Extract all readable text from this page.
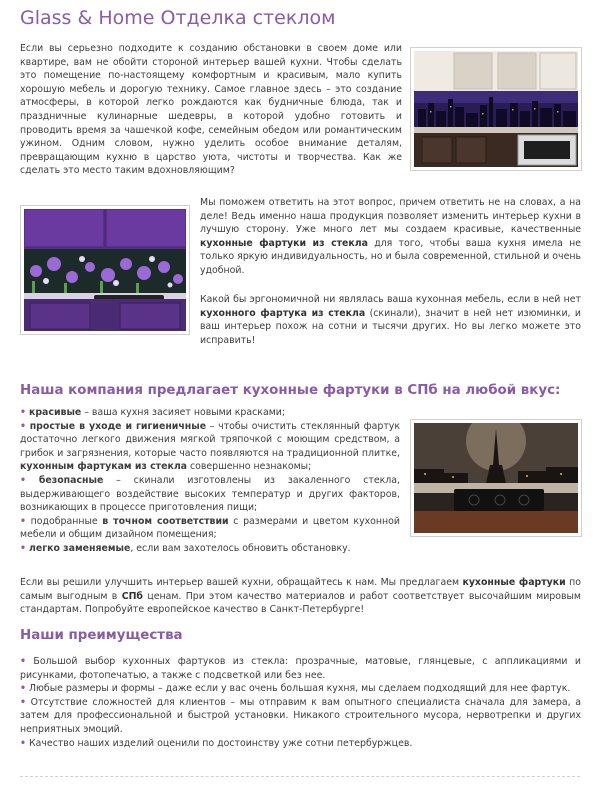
Glass & Home Отделка стеклом

Если вы серьезно подходите к созданию обстановки в своем доме или квартире, вам не обойти стороной интерьер вашей кухни. Чтобы сделать это помещение по-настоящему комфортным и красивым, мало купить хорошую мебель и дорогую технику. Самое главное здесь – это создание атмосферы, в которой легко рождаются как будничные блюда, так и праздничные кулинарные шедевры, в которой удобно готовить и проводить время за чашечкой кофе, семейным обедом или романтическим ужином. Одним словом, нужно уделить особое внимание деталям, превращающим кухню в царство уюта, чистоты и творчества. Как же сделать это место таким вдохновляющим?

Мы поможем ответить на этот вопрос, причем ответить не на словах, а на деле! Ведь именно наша продукция позволяет изменить интерьер кухни в лучшую сторону. Уже много лет мы создаем красивые, качественные кухонные фартуки из стекла для того, чтобы ваша кухня имела не только яркую индивидуальность, но и была современной, стильной и очень удобной.

Какой бы эргономичной ни являлась ваша кухонная мебель, если в ней нет кухонного фартука из стекла (скинали), значит в ней нет изюминки, и ваш интерьер похож на сотни и тысячи других. Но вы легко можете это исправить!

Наша компания предлагает кухонные фартуки в СПб на любой вкус:
• красивые – ваша кухня засияет новыми красками;
• простые в уходе и гигиеничные – чтобы очистить стеклянный фартук достаточно легкого движения мягкой тряпочкой с моющим средством, а грибок и загрязнения, которые часто появляются на традиционной плитке, кухонным фартукам из стекла совершенно незнакомы;
• безопасные – скинали изготовлены из закаленного стекла, выдерживающего воздействие высоких температур и других факторов, возникающих в процессе приготовления пищи;
• подобранные в точном соответствии с размерами и цветом кухонной мебели и общим дизайном помещения;
• легко заменяемые, если вам захотелось обновить обстановку.

Если вы решили улучшить интерьер вашей кухни, обращайтесь к нам. Мы предлагаем кухонные фартуки по самым выгодным в СПб ценам. При этом качество материалов и работ соответствует высочайшим мировым стандартам. Попробуйте европейское качество в Санкт-Петербурге!

Наши преимущества
• Большой выбор кухонных фартуков из стекла: прозрачные, матовые, глянцевые, с аппликациями и рисунками, фотопечатью, а также с подсветкой или без нее.
• Любые размеры и формы – даже если у вас очень большая кухня, мы сделаем подходящий для нее фартук.
• Отсутствие сложностей для клиентов – мы отправим к вам опытного специалиста сначала для замера, а затем для профессиональной и быстрой установки. Никакого строительного мусора, нервотрепки и других неприятных эмоций.
• Качество наших изделий оценили по достоинству уже сотни петербуржцев.
